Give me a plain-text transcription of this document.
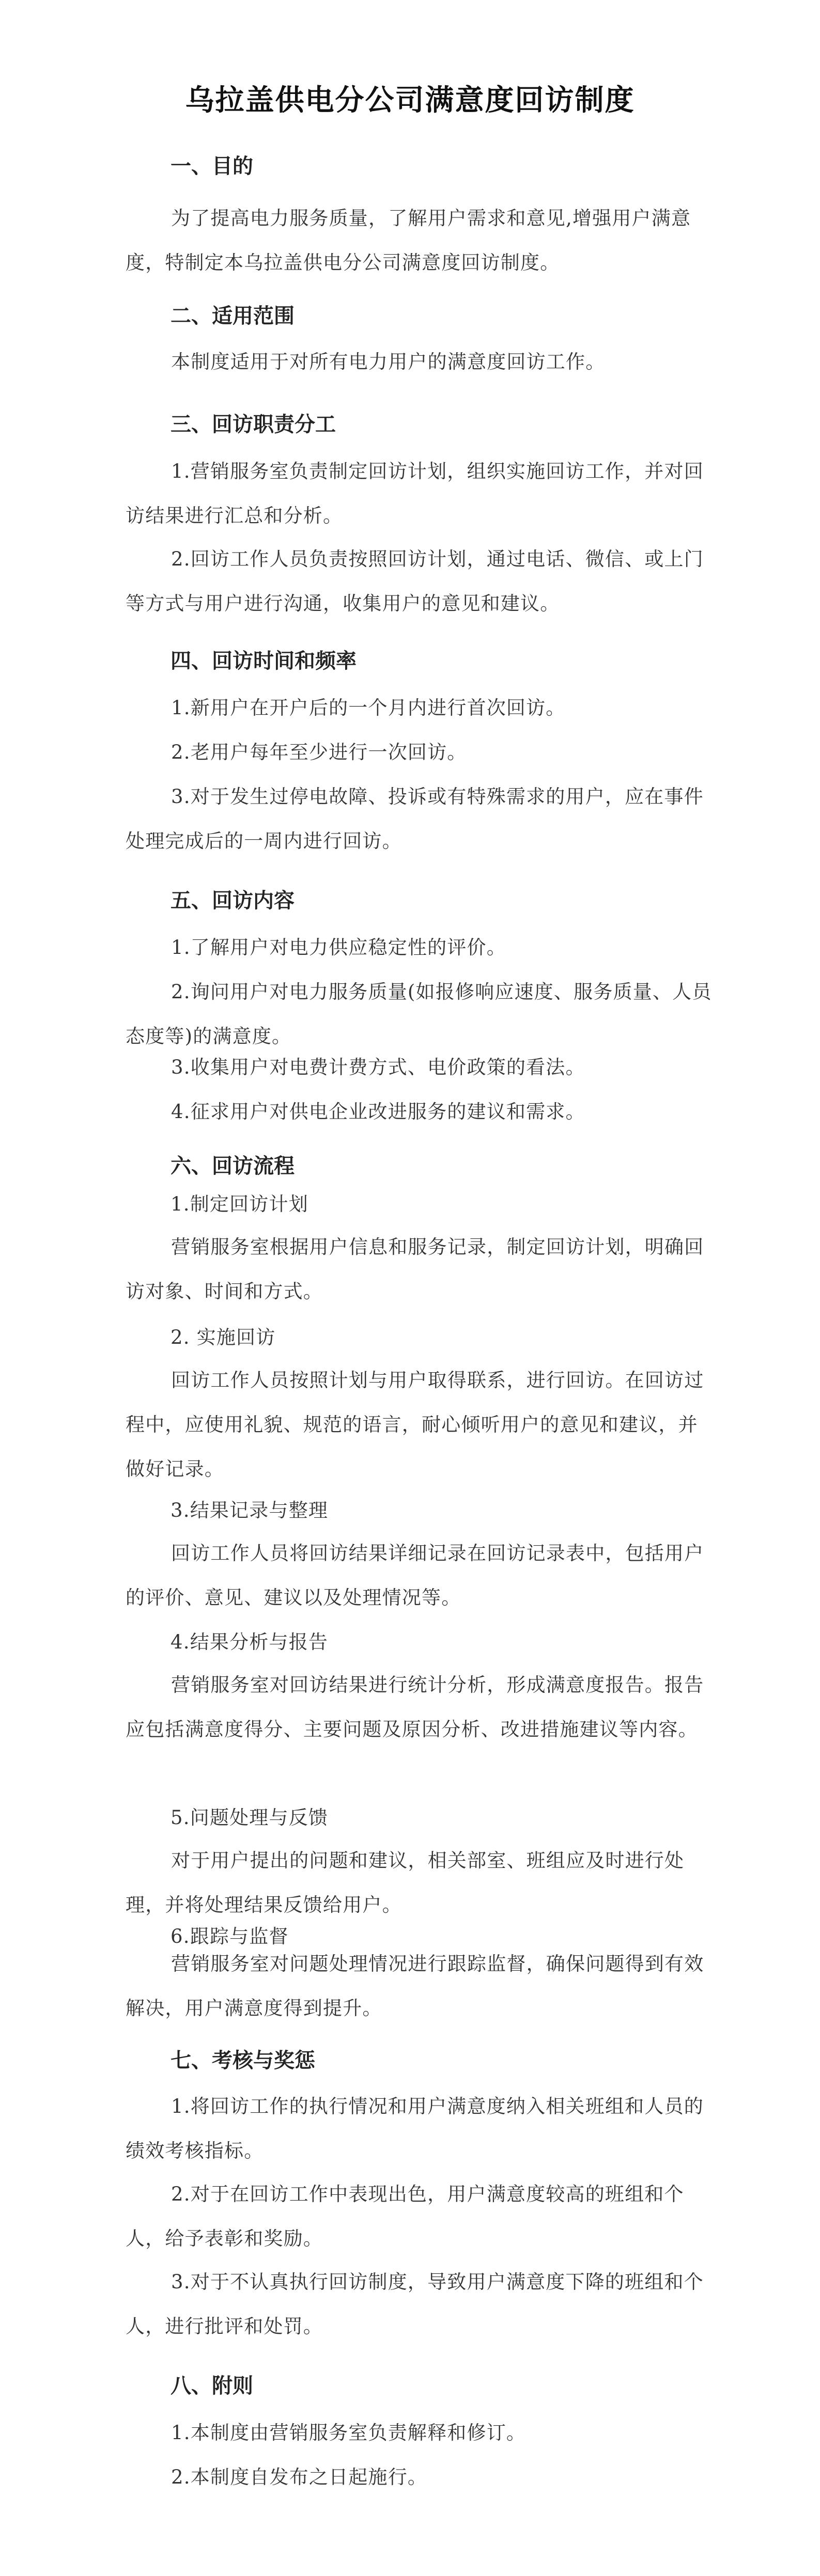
乌拉盖供电分公司满意度回访制度
一、目的
为了提高电力服务质量，了解用户需求和意见,增强用户满意度，特制定本乌拉盖供电分公司满意度回访制度。
二、适用范围
本制度适用于对所有电力用户的满意度回访工作。
三、回访职责分工
1.营销服务室负责制定回访计划，组织实施回访工作，并对回访结果进行汇总和分析。
2.回访工作人员负责按照回访计划，通过电话、微信、或上门等方式与用户进行沟通，收集用户的意见和建议。
四、回访时间和频率
1.新用户在开户后的一个月内进行首次回访。
2.老用户每年至少进行一次回访。
3.对于发生过停电故障、投诉或有特殊需求的用户，应在事件处理完成后的一周内进行回访。
五、回访内容
1.了解用户对电力供应稳定性的评价。
2.询问用户对电力服务质量(如报修响应速度、服务质量、人员态度等)的满意度。
3.收集用户对电费计费方式、电价政策的看法。
4.征求用户对供电企业改进服务的建议和需求。
六、回访流程
1.制定回访计划
营销服务室根据用户信息和服务记录，制定回访计划，明确回访对象、时间和方式。
2. 实施回访
回访工作人员按照计划与用户取得联系，进行回访。在回访过程中，应使用礼貌、规范的语言，耐心倾听用户的意见和建议，并做好记录。
3.结果记录与整理
回访工作人员将回访结果详细记录在回访记录表中，包括用户的评价、意见、建议以及处理情况等。
4.结果分析与报告
营销服务室对回访结果进行统计分析，形成满意度报告。报告应包括满意度得分、主要问题及原因分析、改进措施建议等内容。
5.问题处理与反馈
对于用户提出的问题和建议，相关部室、班组应及时进行处理，并将处理结果反馈给用户。
6.跟踪与监督
营销服务室对问题处理情况进行跟踪监督，确保问题得到有效解决，用户满意度得到提升。
七、考核与奖惩
1.将回访工作的执行情况和用户满意度纳入相关班组和人员的绩效考核指标。
2.对于在回访工作中表现出色，用户满意度较高的班组和个人，给予表彰和奖励。
3.对于不认真执行回访制度，导致用户满意度下降的班组和个人，进行批评和处罚。
八、附则
1.本制度由营销服务室负责解释和修订。
2.本制度自发布之日起施行。
